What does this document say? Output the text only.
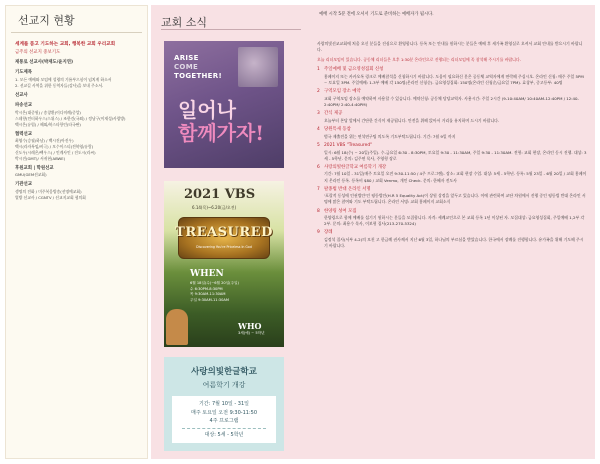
선교지 현황
세계를 품고 기도하는 교회, 행복한 교회 우리교회
금주의 선교지 중보기도
재통로 선교사(박재도/윤지연)
기도제목
1. 모든 예배와 모임에 성령의 기름부으심이 넘치게 하소서
2. 선교길 사역을 위한 동역자들(강사)을 보내 주소서.
선교사
파송선교
박시은(대중원) / 송창환(이다미례/중앙)
스데향(인터하우스/스위스) / 조한건(국외) / 정남구(이재성/사랑방)
백시은(유럽) / 해외/북스타항인(타국판)
협력선교
최영수(승필/하남) / 백시진(아진우)
백시(라자특임/비극) / 모수이스티(전북영/유람)
신도우(시레은/펙우스) / 인계사인 / 진도시(라씨)
박시진(GMT)/ 서귀현(ABWE)
후원교회 | 학원선교
GMU(GEM선교회)
기관선교
생명의 전화 / 미주복음방송(선명예교회)
열방 선교사 / CGNTV / 선교지교회 협의회
교회 소식
예배 시작 5분 전에 오셔서 기도로 준비하는 예배자가 됩시다.
ARISE
COME
TOGETHER!
일어나
함께가자!
2021 VBS
6.14(목)~6.20(금/오전)
TREASURED
Discovering You're Priceless In God
WHEN
6월 18일(수)~6월 20일(주일)
수 6:30PM-8:30PM
목 9:30AM-11:30AM
주일 9:30AM-11:30AM
WHO
3세(예) ~ 5학년
사랑의빛한글학교
여름학기 개강
기간: 7월 10일 - 31일
매주 토요일 오전 9:30-11:50
4주 프로그램
대상: 5세 - 5학년
사랑의빛선교교회에 처음 오신 분들을 진심으로 환영합니다. 등록 또는 안내를 원하시는 분들은 예배 후 새가족 환영실로 오셔서 교회 안내를 받으시기 바랍니다.
오늘 리더모임이 있습니다. 공동체 리더들은 오후 1:30분 온라인으로 진행되는 리더모임에 꼭 참석해 주시기를 바랍니다.
1 주일예배 및 금요영성집회 신청
홈페이지 또는 카카오톡 링크로 예배참석을 신청하시기 바랍니다. 도움이 필요하신 분은 공동체 교역자에게 연락해 주십시오. 온라인 신청: 매주 주일 5PM ~ 토요일 3PM. 주일예배: 1-3부 예배 각 150명(온라인 신청순). 금요영성집회: 150명(온라인 신청순/금요일 7PM). 효창부, 중고등부: 40명
2 구역모임 장소 예약
교회 구역모임 장소를 예약하여 사용할 수 있습니다. 예약신청: 공동체 담당교역자. 사용시간: 주일 2시간 (9-10:40AM/ 10:40AM-12:40PM / 12:40-2:40PM/ 2:40-4:40PM)
3 간식 제공
오늘부터 본당 앞에서 간단한 간식이 제공됩니다. 안전을 위해 앉아서 거리를 유지하며 드시기 바랍니다.
4 당원특새 동참
범국 제출전을 위는 연석연구팀 의도록 기도부탁드립니다. 기간: 7월 9일 까지
5 2021 VBS "Treasured"
일시: 6월 18(수) ~ 20일(주일). 수-금요일 6:30 - 8:30PM, 토요일 9:30 - 11:30AM, 주일 9:30 - 11:30AM. 전형: 교회 현장, 온라인 동시 진행. 대상: 3세 - 5학년. 문의: 김주연 목사, 주영형 장로
6 사랑의빛한글학교 여름학기 개강
기간: 7월 10일 - 31일(매주 토요일 오전 9:30-11:50 / 4주 프로그램). 장소: 교회 현장 수업. 대상: 5세 - 5학년. 등록: 5월 23일 - 6월 20일 / 교회 홈페이지 온라인 등록. 등록비 $80 / 교회 Venmo, 개인 Check. 문의: 한혜자 전도사
7 팔종법 반대 온라인 서명
'포괄적 동성애 인권법안'인 평등법안(H.R 5 Equality Act)이 상원 상정을 앞두고 있습니다. 이에 관련하여 교단 차원에서 진행 중인 평등법 반대 온라인 서명에 많은 참여와 기도 부탁드립니다. 온라인 서명: 교회 홈페이지 교회소식
8 한양링 성여 모집
한양링으로 함께 예배를 섬기기 원하시는 분들을 모집합니다. 자격: 세례교인으로 본 교회 등록 1년 이상된 자. 모집대상: 금요영성집회, 주일예배 1,2부 각 2부. 문의: 최용수 목사, 이보형 집사(213-270-5324)
9 장례
김정석 집사(서부 4-2)의 모친 고 한금례 권사께서 지난 6월 3일, 하나님의 부르심을 받았습니다. 한국에서 장례를 진행합니다. 유가족을 위해 기도해 주시기 바랍니다.
